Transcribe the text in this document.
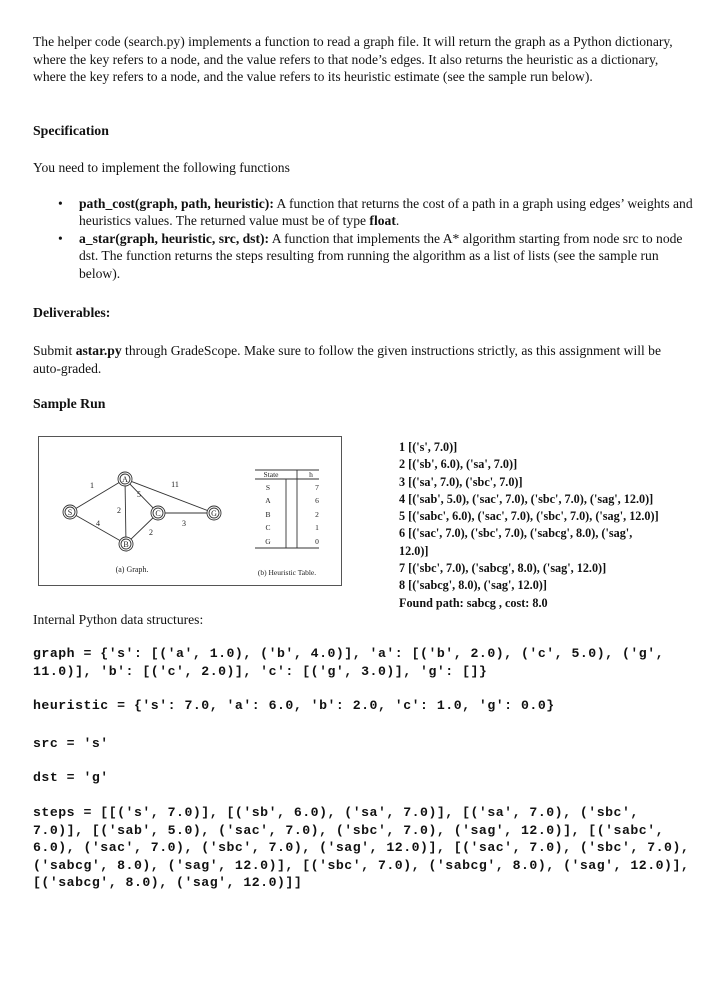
The helper code (search.py) implements a function to read a graph file. It will return the graph as a Python dictionary, where the key refers to a node, and the value refers to that node’s edges. It also returns the heuristic as a dictionary, where the key refers to a node, and the value refers to its heuristic estimate (see the sample run below).

Specification

You need to implement the following functions

• path_cost(graph, path, heuristic): A function that returns the cost of a path in a graph using edges’ weights and heuristics values. The returned value must be of type float.
• a_star(graph, heuristic, src, dst): A function that implements the A* algorithm starting from node src to node dst. The function returns the steps resulting from running the algorithm as a list of lists (see the sample run below).

Deliverables:

Submit astar.py through GradeScope. Make sure to follow the given instructions strictly, as this assignment will be auto-graded.

Sample Run

S
A
B
C	G
1
4
2
5
11
2
3
(a) Graph.
State	h
S	7
A	6
B	2
C	1
G	0
(b) Heuristic Table.
1 [('s', 7.0)]
2 [('sb', 6.0), ('sa', 7.0)]
3 [('sa', 7.0), ('sbc', 7.0)]
4 [('sab', 5.0), ('sac', 7.0), ('sbc', 7.0), ('sag', 12.0)]
5 [('sabc', 6.0), ('sac', 7.0), ('sbc', 7.0), ('sag', 12.0)]
6 [('sac', 7.0), ('sbc', 7.0), ('sabcg', 8.0), ('sag',
12.0)]
7 [('sbc', 7.0), ('sabcg', 8.0), ('sag', 12.0)]
8 [('sabcg', 8.0), ('sag', 12.0)]
Found path: sabcg , cost: 8.0

Internal Python data structures:

graph = {'s': [('a', 1.0), ('b', 4.0)], 'a': [('b', 2.0), ('c', 5.0), ('g', 11.0)], 'b': [('c', 2.0)], 'c': [('g', 3.0)], 'g': []}

heuristic = {'s': 7.0, 'a': 6.0, 'b': 2.0, 'c': 1.0, 'g': 0.0}

src = 's'

dst = 'g'

steps = [[('s', 7.0)], [('sb', 6.0), ('sa', 7.0)], [('sa', 7.0), ('sbc', 7.0)], [('sab', 5.0), ('sac', 7.0), ('sbc', 7.0), ('sag', 12.0)], [('sabc', 6.0), ('sac', 7.0), ('sbc', 7.0), ('sag', 12.0)], [('sac', 7.0), ('sbc', 7.0), ('sabcg', 8.0), ('sag', 12.0)], [('sbc', 7.0), ('sabcg', 8.0), ('sag', 12.0)], [('sabcg', 8.0), ('sag', 12.0)]]
